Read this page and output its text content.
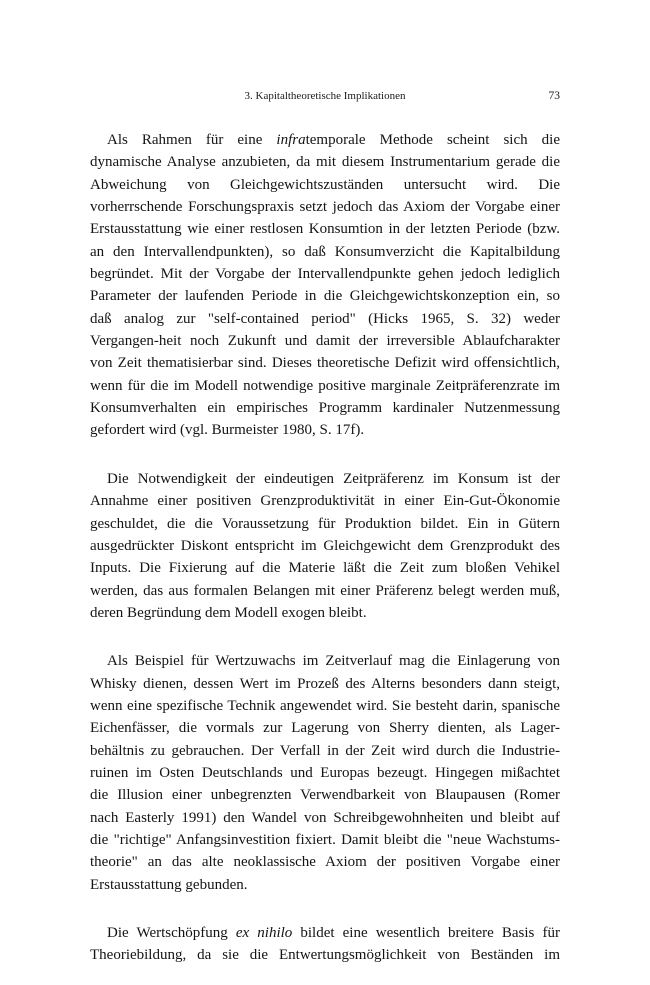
3. Kapitaltheoretische Implikationen	73
Als Rahmen für eine infratemporale Methode scheint sich die
dynamische Analyse anzubieten, da mit diesem Instrumentarium gerade die
Abweichung von Gleichgewichtszuständen untersucht wird. Die
vorherrschende Forschungspraxis setzt jedoch das Axiom der Vorgabe einer
Erstausstattung wie einer restlosen Konsumtion in der letzten Periode (bzw.
an den Intervallendpunkten), so daß Konsumverzicht die Kapitalbildung
begründet. Mit der Vorgabe der Intervallendpunkte gehen jedoch lediglich
Parameter der laufenden Periode in die Gleichgewichtskonzeption ein, so
daß analog zur "self-contained period" (Hicks 1965, S. 32) weder
Vergangen-heit noch Zukunft und damit der irreversible Ablaufcharakter
von Zeit thematisierbar sind. Dieses theoretische Defizit wird offensichtlich,
wenn für die im Modell notwendige positive marginale Zeitpräferenzrate im
Konsumverhalten ein empirisches Programm kardinaler Nutzenmessung
gefordert wird (vgl. Burmeister 1980, S. 17f).
Die Notwendigkeit der eindeutigen Zeitpräferenz im Konsum ist der
Annahme einer positiven Grenzproduktivität in einer Ein-Gut-Ökonomie
geschuldet, die die Voraussetzung für Produktion bildet. Ein in Gütern
ausgedrückter Diskont entspricht im Gleichgewicht dem Grenzprodukt des
Inputs. Die Fixierung auf die Materie läßt die Zeit zum bloßen Vehikel
werden, das aus formalen Belangen mit einer Präferenz belegt werden muß,
deren Begründung dem Modell exogen bleibt.
Als Beispiel für Wertzuwachs im Zeitverlauf mag die Einlagerung von
Whisky dienen, dessen Wert im Prozeß des Alterns besonders dann steigt,
wenn eine spezifische Technik angewendet wird. Sie besteht darin, spanische
Eichenfässer, die vormals zur Lagerung von Sherry dienten, als Lager-
behältnis zu gebrauchen. Der Verfall in der Zeit wird durch die Industrie-
ruinen im Osten Deutschlands und Europas bezeugt. Hingegen mißachtet
die Illusion einer unbegrenzten Verwendbarkeit von Blaupausen (Romer
nach Easterly 1991) den Wandel von Schreibgewohnheiten und bleibt auf
die "richtige" Anfangsinvestition fixiert. Damit bleibt die "neue Wachstums-
theorie" an das alte neoklassische Axiom der positiven Vorgabe einer
Erstausstattung gebunden.
Die Wertschöpfung ex nihilo bildet eine wesentlich breitere Basis für
Theoriebildung, da sie die Entwertungsmöglichkeit von Beständen im
